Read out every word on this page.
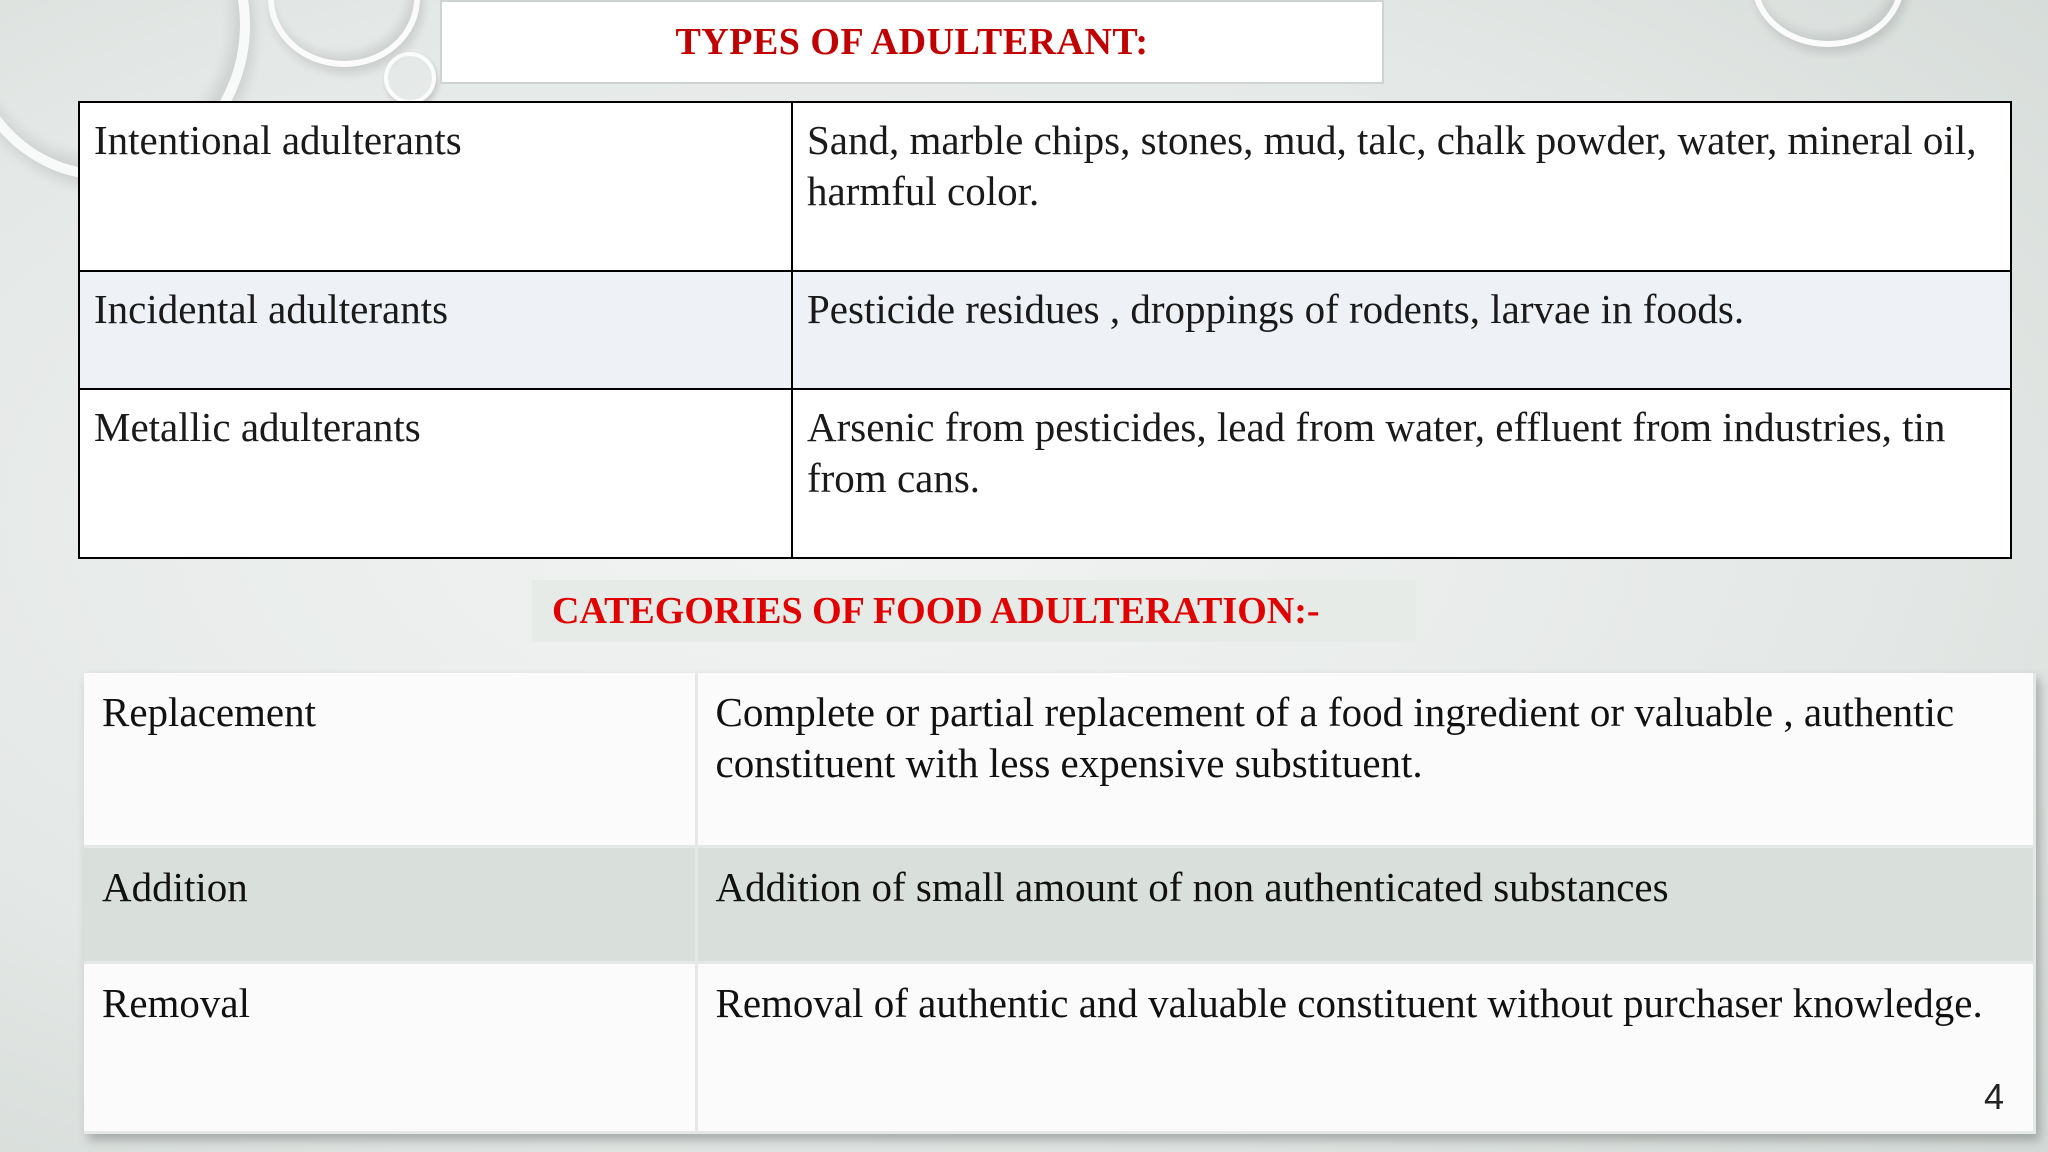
TYPES OF ADULTERANT:
Intentional adulterants	Sand, marble chips, stones, mud, talc, chalk powder, water, mineral oil, harmful color.
Incidental adulterants	Pesticide residues , droppings of rodents, larvae in foods.
Metallic adulterants	Arsenic from pesticides, lead from water, effluent from industries, tin from cans.
CATEGORIES OF FOOD ADULTERATION:-
Replacement	Complete or partial replacement of a food ingredient or valuable , authentic constituent with less expensive substituent.
Addition	Addition of small amount of non authenticated substances
Removal	Removal of authentic and valuable constituent without purchaser knowledge.
4
